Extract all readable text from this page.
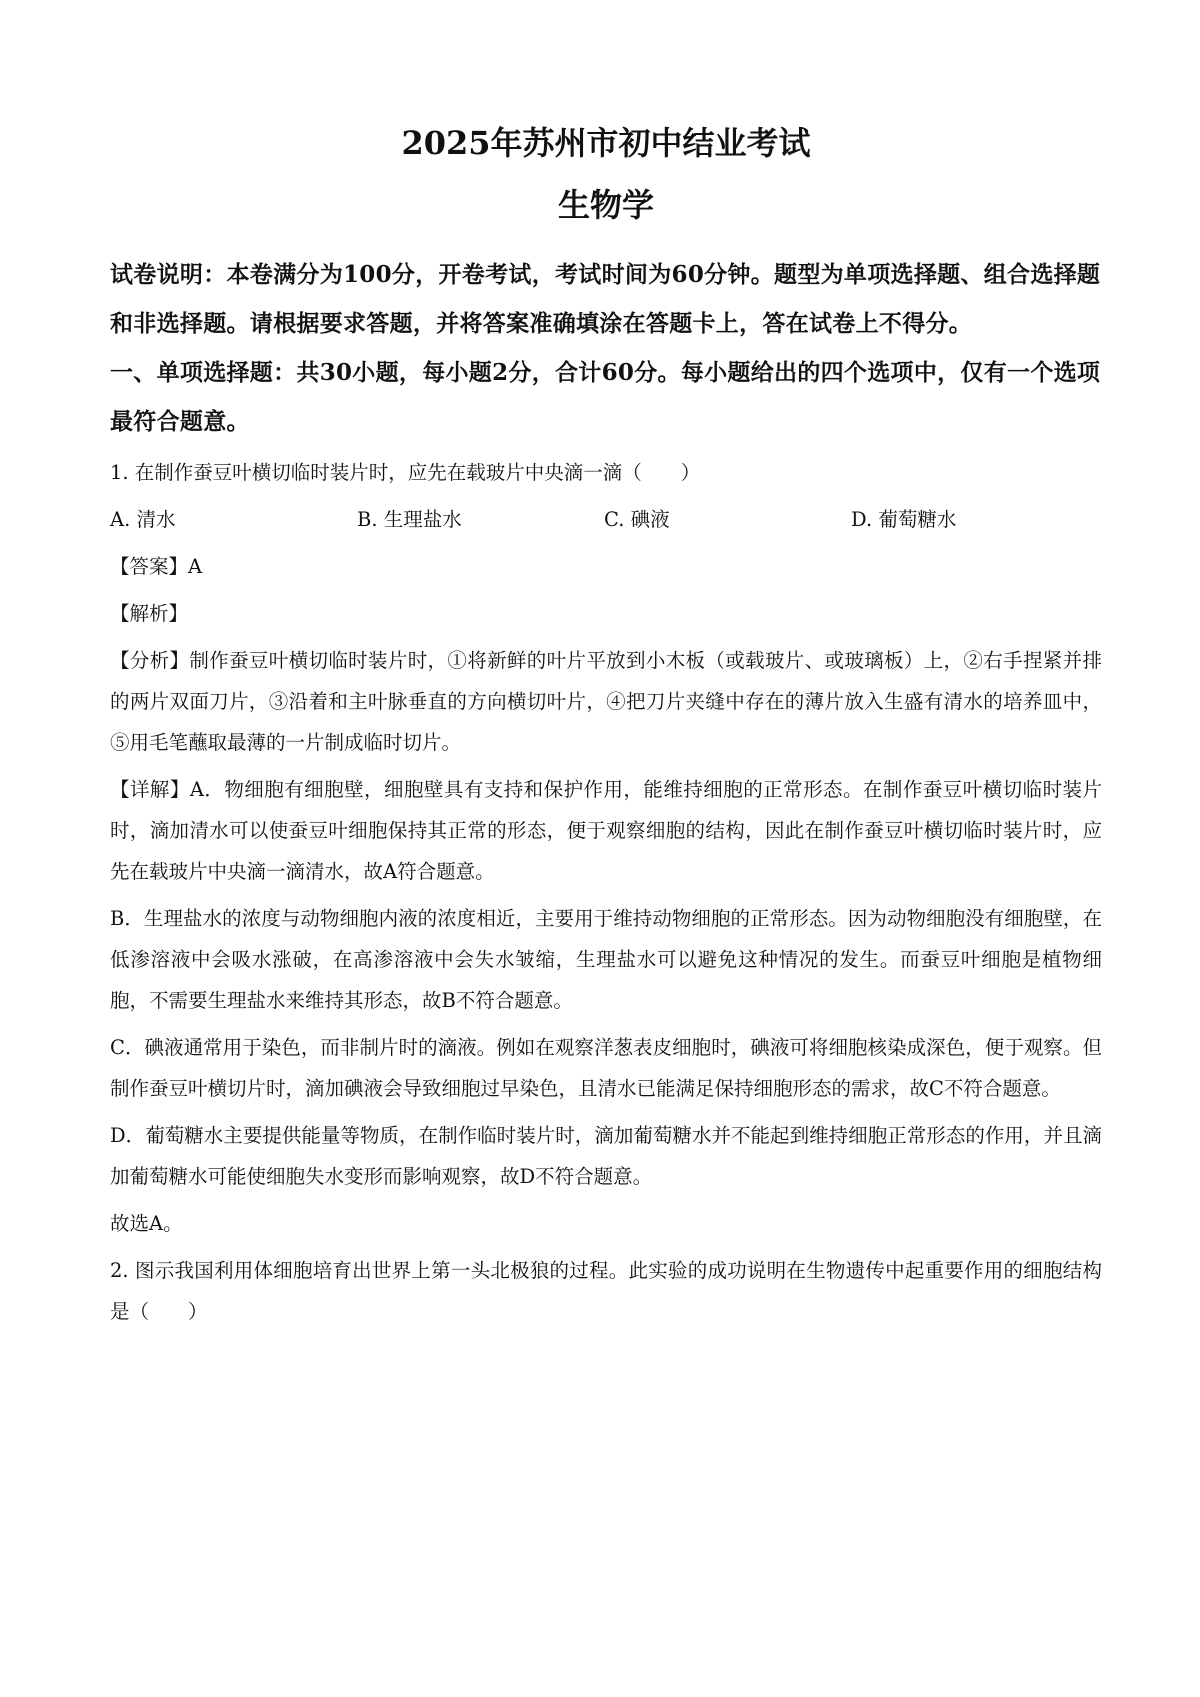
2025年苏州市初中结业考试
生物学

试卷说明：本卷满分为100分，开卷考试，考试时间为60分钟。题型为单项选择题、组合选择题和非选择题。请根据要求答题，并将答案准确填涂在答题卡上，答在试卷上不得分。

一、单项选择题：共30小题，每小题2分，合计60分。每小题给出的四个选项中，仅有一个选项最符合题意。

1. 在制作蚕豆叶横切临时装片时，应先在载玻片中央滴一滴（　　）

A. 清水	B. 生理盐水	C. 碘液	D. 葡萄糖水

【答案】A

【解析】

【分析】制作蚕豆叶横切临时装片时，①将新鲜的叶片平放到小木板（或载玻片、或玻璃板）上，②右手捏紧并排的两片双面刀片，③沿着和主叶脉垂直的方向横切叶片，④把刀片夹缝中存在的薄片放入生盛有清水的培养皿中，⑤用毛笔蘸取最薄的一片制成临时切片。

【详解】A．物细胞有细胞壁，细胞壁具有支持和保护作用，能维持细胞的正常形态。在制作蚕豆叶横切临时装片时，滴加清水可以使蚕豆叶细胞保持其正常的形态，便于观察细胞的结构，因此在制作蚕豆叶横切临时装片时，应先在载玻片中央滴一滴清水，故A符合题意。

B．生理盐水的浓度与动物细胞内液的浓度相近，主要用于维持动物细胞的正常形态。因为动物细胞没有细胞壁，在低渗溶液中会吸水涨破，在高渗溶液中会失水皱缩，生理盐水可以避免这种情况的发生。而蚕豆叶细胞是植物细胞，不需要生理盐水来维持其形态，故B不符合题意。

C．碘液通常用于染色，而非制片时的滴液。例如在观察洋葱表皮细胞时，碘液可将细胞核染成深色，便于观察。但制作蚕豆叶横切片时，滴加碘液会导致细胞过早染色，且清水已能满足保持细胞形态的需求，故C不符合题意。

D．葡萄糖水主要提供能量等物质，在制作临时装片时，滴加葡萄糖水并不能起到维持细胞正常形态的作用，并且滴加葡萄糖水可能使细胞失水变形而影响观察，故D不符合题意。

故选A。

2. 图示我国利用体细胞培育出世界上第一头北极狼的过程。此实验的成功说明在生物遗传中起重要作用的细胞结构是（　　）
